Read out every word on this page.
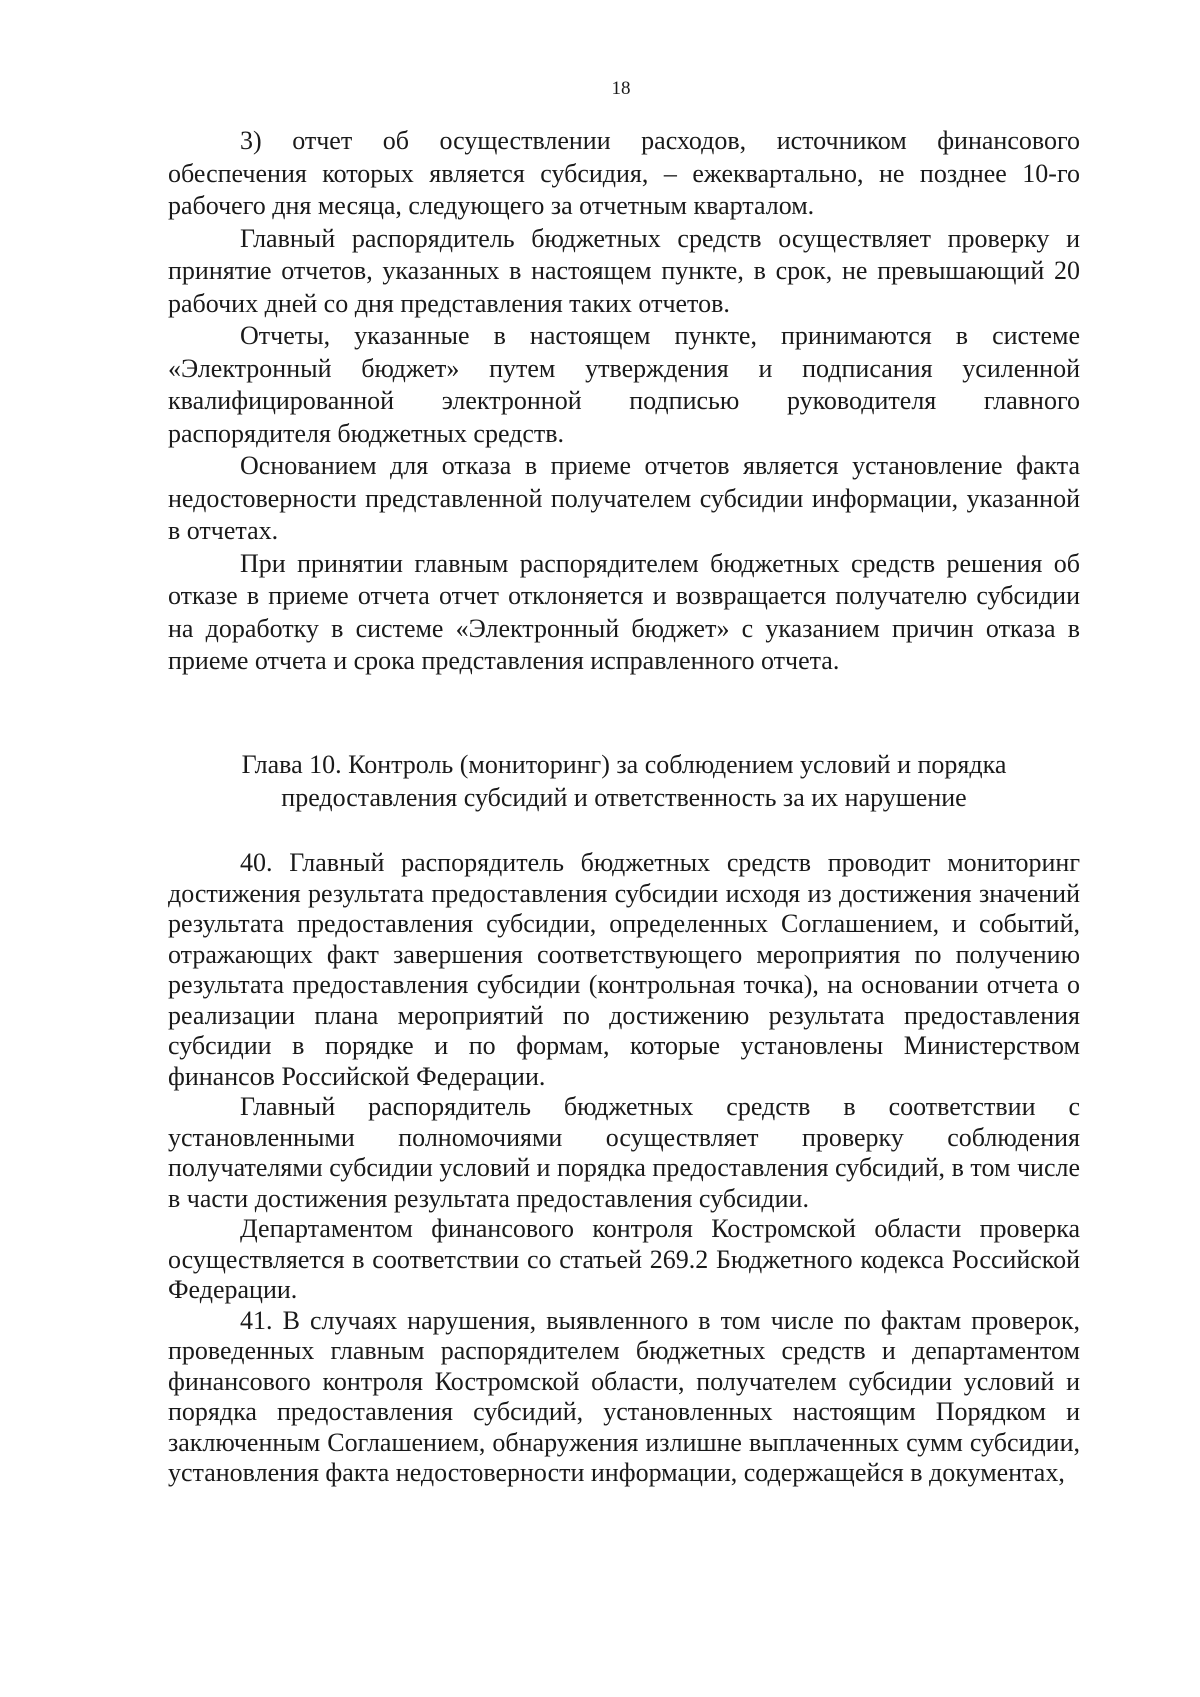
18

3) отчет об осуществлении расходов, источником финансового обеспечения которых является субсидия, – ежеквартально, не позднее 10-го рабочего дня месяца, следующего за отчетным кварталом.

Главный распорядитель бюджетных средств осуществляет проверку и принятие отчетов, указанных в настоящем пункте, в срок, не превышающий 20 рабочих дней со дня представления таких отчетов.

Отчеты, указанные в настоящем пункте, принимаются в системе «Электронный бюджет» путем утверждения и подписания усиленной квалифицированной электронной подписью руководителя главного распорядителя бюджетных средств.

Основанием для отказа в приеме отчетов является установление факта недостоверности представленной получателем субсидии информации, указанной в отчетах.

При принятии главным распорядителем бюджетных средств решения об отказе в приеме отчета отчет отклоняется и возвращается получателю субсидии на доработку в системе «Электронный бюджет» с указанием причин отказа в приеме отчета и срока представления исправленного отчета.

Глава 10. Контроль (мониторинг) за соблюдением условий и порядка
предоставления субсидий и ответственность за их нарушение

40. Главный распорядитель бюджетных средств проводит мониторинг достижения результата предоставления субсидии исходя из достижения значений результата предоставления субсидии, определенных Соглашением, и событий, отражающих факт завершения соответствующего мероприятия по получению результата предоставления субсидии (контрольная точка), на основании отчета о реализации плана мероприятий по достижению результата предоставления субсидии в порядке и по формам, которые установлены Министерством финансов Российской Федерации.

Главный распорядитель бюджетных средств в соответствии с установленными полномочиями осуществляет проверку соблюдения получателями субсидии условий и порядка предоставления субсидий, в том числе в части достижения результата предоставления субсидии.

Департаментом финансового контроля Костромской области проверка осуществляется в соответствии со статьей 269.2 Бюджетного кодекса Российской Федерации.

41. В случаях нарушения, выявленного в том числе по фактам проверок, проведенных главным распорядителем бюджетных средств и департаментом финансового контроля Костромской области, получателем субсидии условий и порядка предоставления субсидий, установленных настоящим Порядком и заключенным Соглашением, обнаружения излишне выплаченных сумм субсидии, установления факта недостоверности информации, содержащейся в документах,
